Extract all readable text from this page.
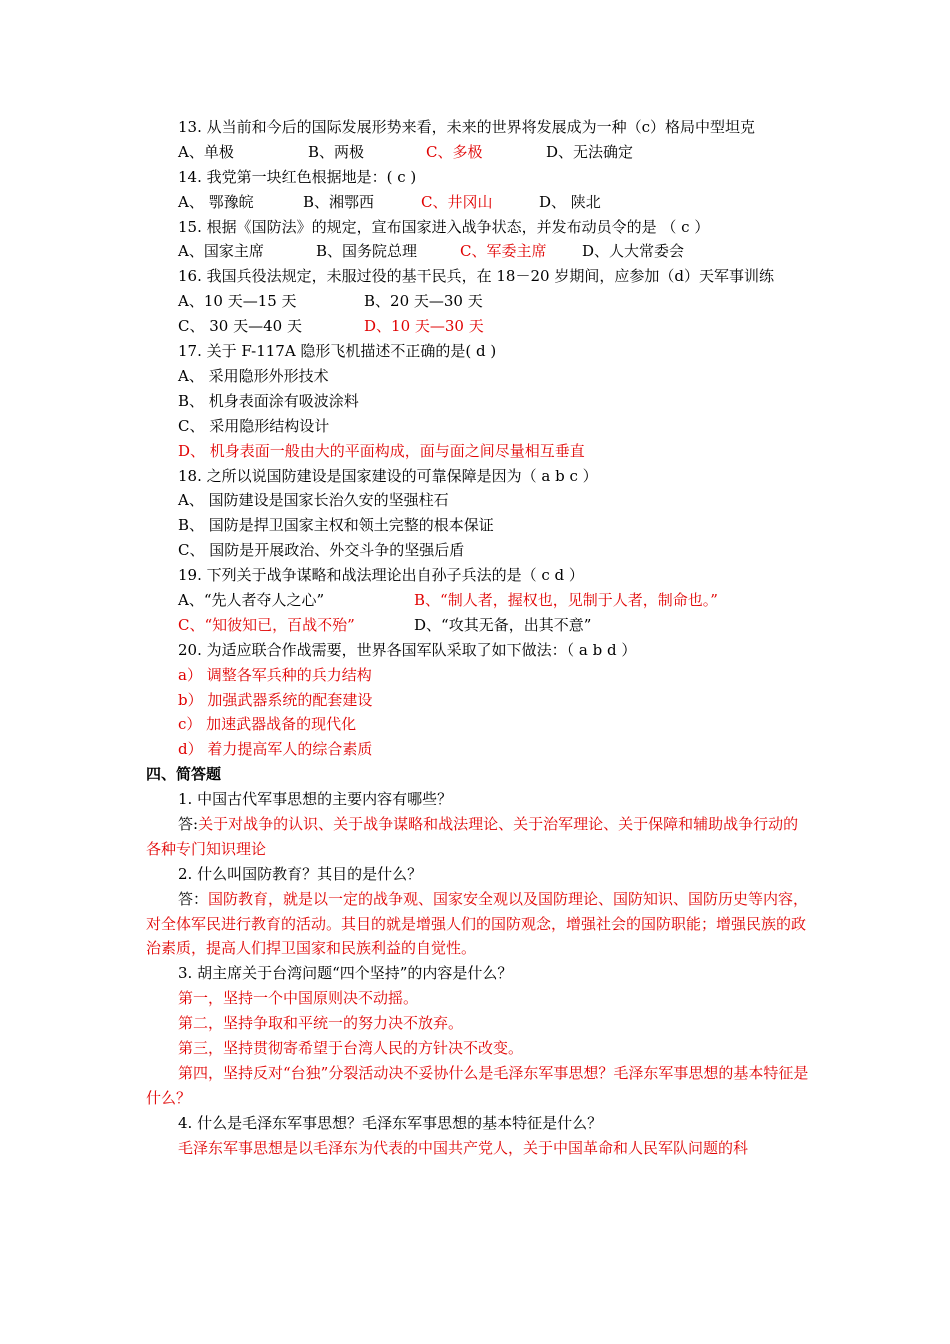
13. 从当前和今后的国际发展形势来看，未来的世界将发展成为一种（c）格局中型坦克
A、单极	B、两极	C、多极	D、无法确定
14. 我党第一块红色根据地是：( c )
A、 鄂豫皖	B、湘鄂西	C、井冈山	D、 陕北
15. 根据《国防法》的规定，宣布国家进入战争状态，并发布动员令的是 （ c ）
A、国家主席	B、国务院总理	C、军委主席 D、人大常委会
16. 我国兵役法规定，未服过役的基干民兵，在 18－20 岁期间，应参加（d）天军事训练
A、10 天—15 天	B、20 天—30 天
C、 30 天—40 天	D、10 天—30 天
17. 关于 F-117A 隐形飞机描述不正确的是( d )
A、 采用隐形外形技术
B、 机身表面涂有吸波涂料
C、 采用隐形结构设计
D、 机身表面一般由大的平面构成，面与面之间尽量相互垂直
18. 之所以说国防建设是国家建设的可靠保障是因为（ a b c ）
A、 国防建设是国家长治久安的坚强柱石
B、 国防是捍卫国家主权和领土完整的根本保证
C、 国防是开展政治、外交斗争的坚强后盾
19. 下列关于战争谋略和战法理论出自孙子兵法的是（ c d ）
A、“先人者夺人之心”	B、“制人者，握权也，见制于人者，制命也。”
C、“知彼知已，百战不殆”	D、“攻其无备，出其不意”
20. 为适应联合作战需要，世界各国军队采取了如下做法：（ a b d ）
a） 调整各军兵种的兵力结构
b） 加强武器系统的配套建设
c） 加速武器战备的现代化
d） 着力提高军人的综合素质
四、简答题
1. 中国古代军事思想的主要内容有哪些？
答:关于对战争的认识、关于战争谋略和战法理论、关于治军理论、关于保障和辅助战争行动的各种专门知识理论
2. 什么叫国防教育？其目的是什么？
答：国防教育，就是以一定的战争观、国家安全观以及国防理论、国防知识、国防历史等内容，对全体军民进行教育的活动。其目的就是增强人们的国防观念，增强社会的国防职能；增强民族的政治素质，提高人们捍卫国家和民族利益的自觉性。
3. 胡主席关于台湾问题“四个坚持”的内容是什么？
第一，坚持一个中国原则决不动摇。
第二，坚持争取和平统一的努力决不放弃。
第三，坚持贯彻寄希望于台湾人民的方针决不改变。
第四，坚持反对“台独”分裂活动决不妥协什么是毛泽东军事思想？毛泽东军事思想的基本特征是什么？
4. 什么是毛泽东军事思想？毛泽东军事思想的基本特征是什么？
毛泽东军事思想是以毛泽东为代表的中国共产党人，关于中国革命和人民军队问题的科
